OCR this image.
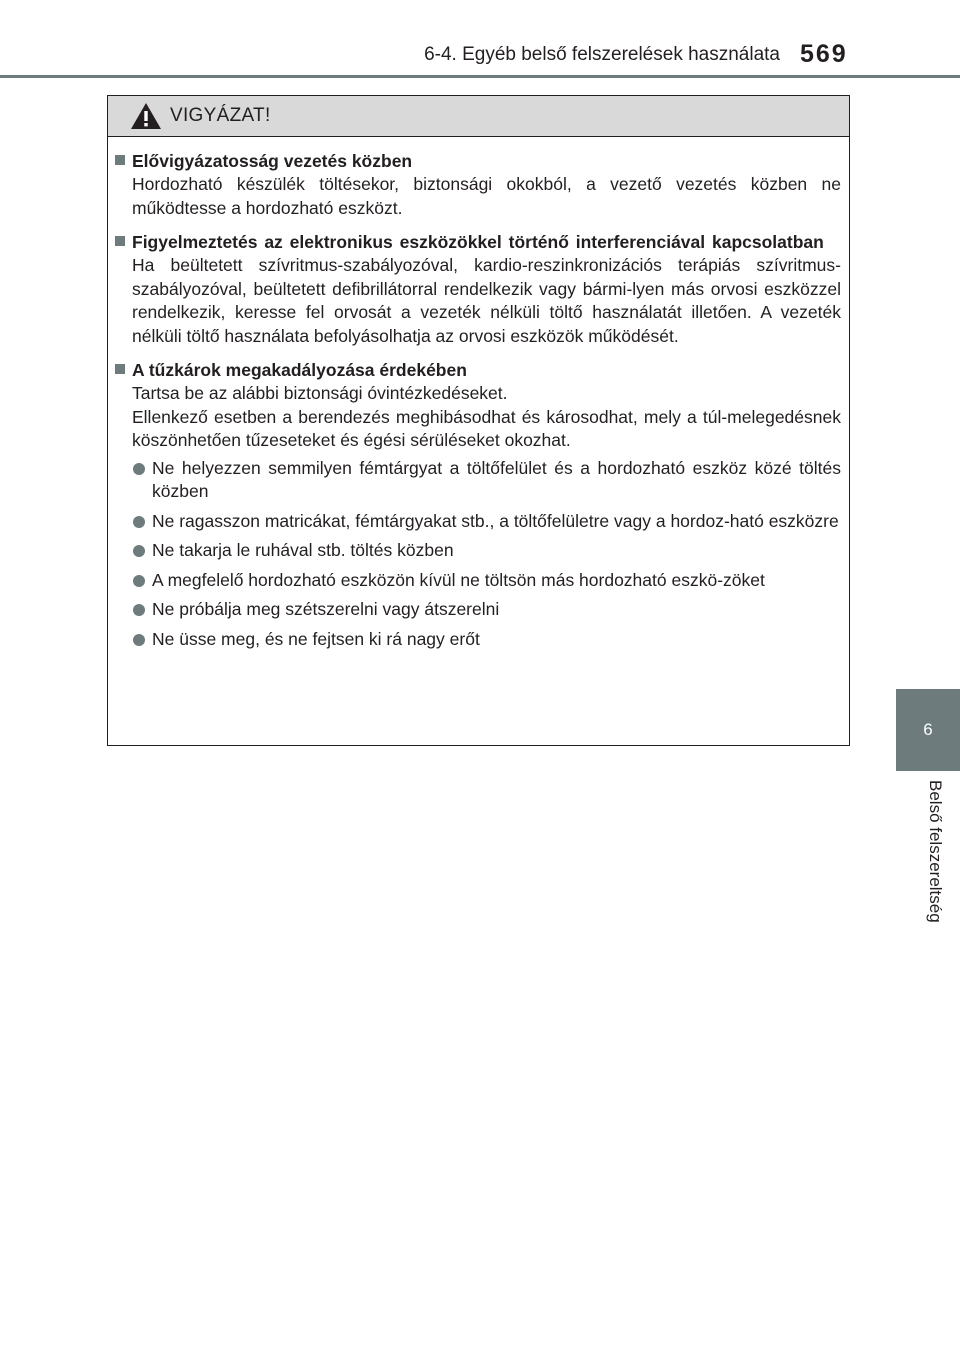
6-4. Egyéb belső felszerelések használata 569
6
Belső felszereltség
VIGYÁZAT!
Elővigyázatosság vezetés közben
Hordozható készülék töltésekor, biztonsági okokból, a vezető vezetés közben ne működtesse a hordozható eszközt.
Figyelmeztetés az elektronikus eszközökkel történő interferenciával kapcsolatban
Ha beültetett szívritmus-szabályozóval, kardio-reszinkronizációs terápiás szívritmus-szabályozóval, beültetett defibrillátorral rendelkezik vagy bármi-lyen más orvosi eszközzel rendelkezik, keresse fel orvosát a vezeték nélküli töltő használatát illetően. A vezeték nélküli töltő használata befolyásolhatja az orvosi eszközök működését.
A tűzkárok megakadályozása érdekében
Tartsa be az alábbi biztonsági óvintézkedéseket.
Ellenkező esetben a berendezés meghibásodhat és károsodhat, mely a túl-melegedésnek köszönhetően tűzeseteket és égési sérüléseket okozhat.
Ne helyezzen semmilyen fémtárgyat a töltőfelület és a hordozható eszköz közé töltés közben
Ne ragasszon matricákat, fémtárgyakat stb., a töltőfelületre vagy a hordoz-ható eszközre
Ne takarja le ruhával stb. töltés közben
A megfelelő hordozható eszközön kívül ne töltsön más hordozható eszkö-zöket
Ne próbálja meg szétszerelni vagy átszerelni
Ne üsse meg, és ne fejtsen ki rá nagy erőt
